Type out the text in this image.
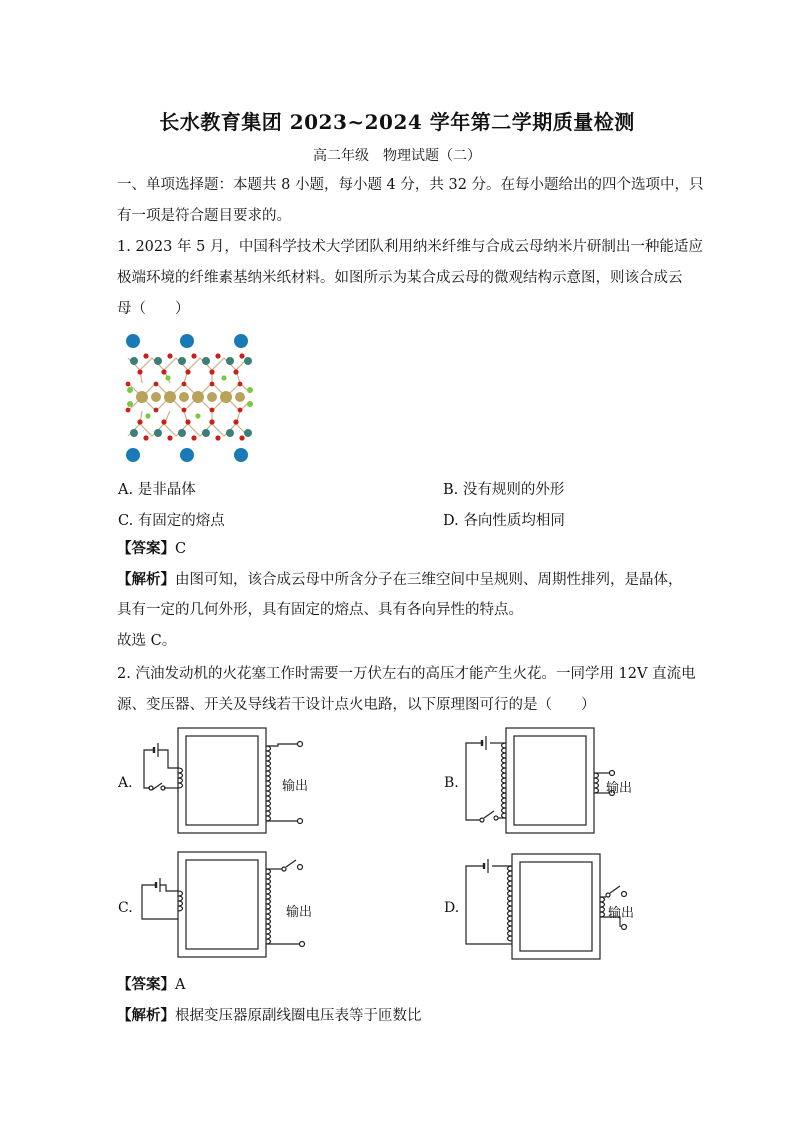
长水教育集团 2023~2024 学年第二学期质量检测
高二年级　物理试题（二）
一、单项选择题：本题共 8 小题，每小题 4 分，共 32 分。在每小题给出的四个选项中，只
有一项是符合题目要求的。
1. 2023 年 5 月，中国科学技术大学团队利用纳米纤维与合成云母纳米片研制出一种能适应
极端环境的纤维素基纳米纸材料。如图所示为某合成云母的微观结构示意图，则该合成云
母（　　）
A. 是非晶体	B. 没有规则的外形
C. 有固定的熔点	D. 各向性质均相同
【答案】C
【解析】由图可知，该合成云母中所含分子在三维空间中呈规则、周期性排列，是晶体，
具有一定的几何外形，具有固定的熔点、具有各向异性的特点。
故选 C。
2. 汽油发动机的火花塞工作时需要一万伏左右的高压才能产生火花。一同学用 12V 直流电
源、变压器、开关及导线若干设计点火电路，以下原理图可行的是（　　）
A.	输出	B.	输出
C.	输出	D.	输出
【答案】A
【解析】根据变压器原副线圈电压表等于匝数比
